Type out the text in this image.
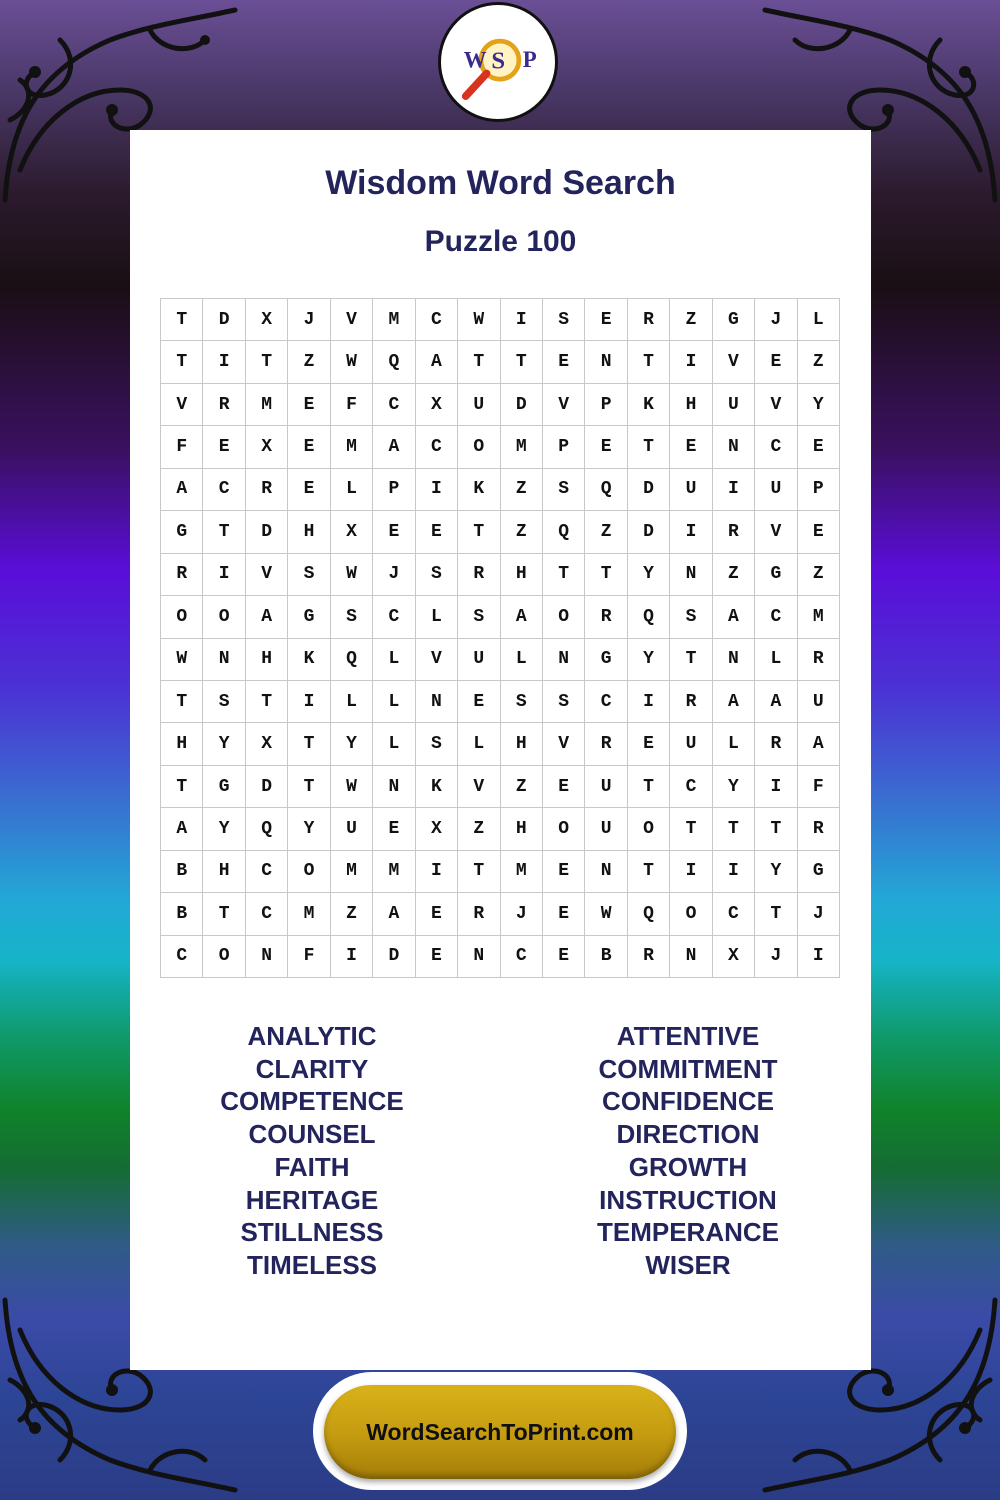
W S P
Wisdom Word Search
Puzzle 100
T	D	X	J	V	M	C	W	I	S	E	R	Z	G	J	L
T	I	T	Z	W	Q	A	T	T	E	N	T	I	V	E	Z
V	R	M	E	F	C	X	U	D	V	P	K	H	U	V	Y
F	E	X	E	M	A	C	O	M	P	E	T	E	N	C	E
A	C	R	E	L	P	I	K	Z	S	Q	D	U	I	U	P
G	T	D	H	X	E	E	T	Z	Q	Z	D	I	R	V	E
R	I	V	S	W	J	S	R	H	T	T	Y	N	Z	G	Z
O	O	A	G	S	C	L	S	A	O	R	Q	S	A	C	M
W	N	H	K	Q	L	V	U	L	N	G	Y	T	N	L	R
T	S	T	I	L	L	N	E	S	S	C	I	R	A	A	U
H	Y	X	T	Y	L	S	L	H	V	R	E	U	L	R	A
T	G	D	T	W	N	K	V	Z	E	U	T	C	Y	I	F
A	Y	Q	Y	U	E	X	Z	H	O	U	O	T	T	T	R
B	H	C	O	M	M	I	T	M	E	N	T	I	I	Y	G
B	T	C	M	Z	A	E	R	J	E	W	Q	O	C	T	J
C	O	N	F	I	D	E	N	C	E	B	R	N	X	J	I
ANALYTIC
CLARITY
COMPETENCE
COUNSEL
FAITH
HERITAGE
STILLNESS
TIMELESS
ATTENTIVE
COMMITMENT
CONFIDENCE
DIRECTION
GROWTH
INSTRUCTION
TEMPERANCE
WISER
WordSearchToPrint.com
